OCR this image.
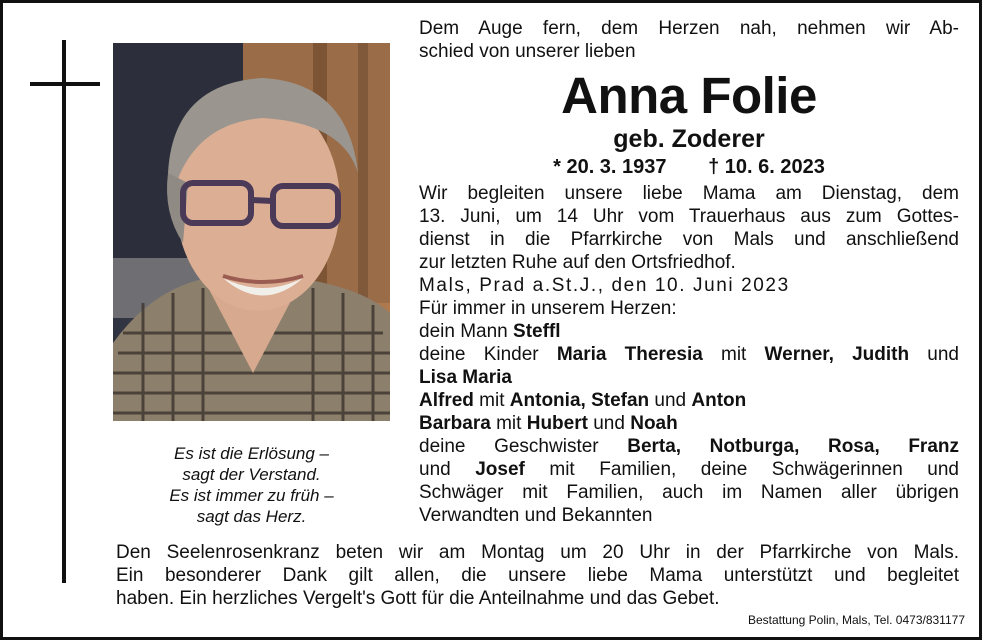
Es ist die Erlösung –
sagt der Verstand.
Es ist immer zu früh –
sagt das Herz.
Dem Auge fern, dem Herzen nah, nehmen wir Ab-
schied von unserer lieben
Anna Folie
geb. Zoderer
* 20. 3. 1937 † 10. 6. 2023
Wir begleiten unsere liebe Mama am Dienstag, dem
13. Juni, um 14 Uhr vom Trauerhaus aus zum Gottes-
dienst in die Pfarrkirche von Mals und anschließend
zur letzten Ruhe auf den Ortsfriedhof.
Mals, Prad a.St.J., den 10. Juni 2023
Für immer in unserem Herzen:
dein Mann Steffl
deine Kinder Maria Theresia mit Werner, Judith und
Lisa Maria
Alfred mit Antonia, Stefan und Anton
Barbara mit Hubert und Noah
deine Geschwister Berta, Notburga, Rosa, Franz
und Josef mit Familien, deine Schwägerinnen und
Schwäger mit Familien, auch im Namen aller übrigen
Verwandten und Bekannten
Den Seelenrosenkranz beten wir am Montag um 20 Uhr in der Pfarrkirche von Mals.
Ein besonderer Dank gilt allen, die unsere liebe Mama unterstützt und begleitet
haben. Ein herzliches Vergelt's Gott für die Anteilnahme und das Gebet.
Bestattung Polin, Mals, Tel. 0473/831177
